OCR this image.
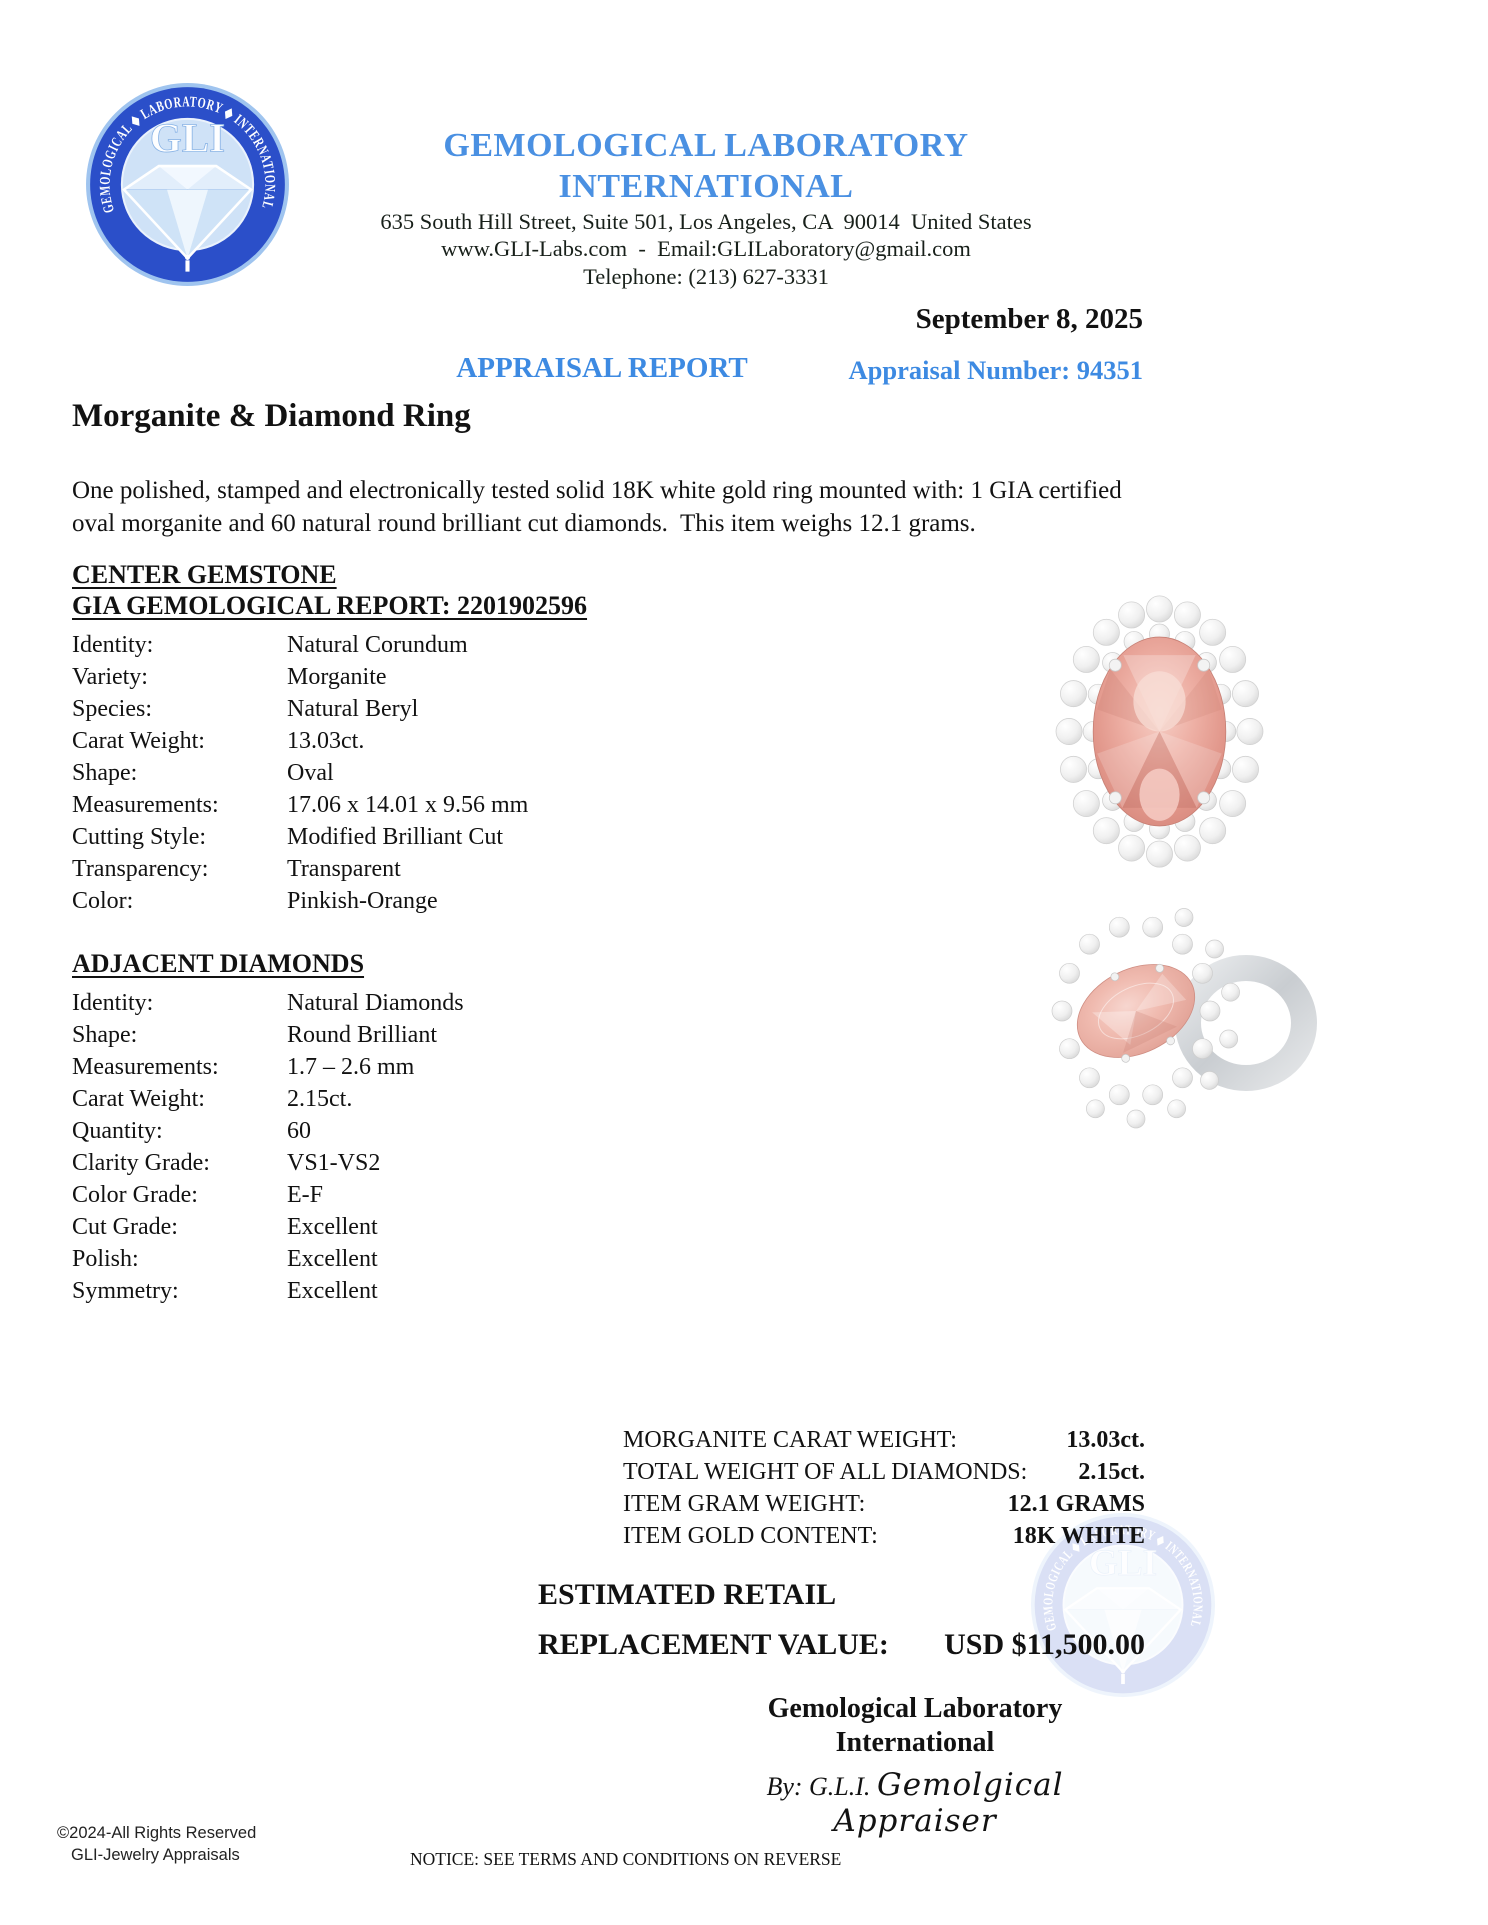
GEMOLOGICAL LABORATORY INTERNATIONAL
635 South Hill Street, Suite 501, Los Angeles, CA  90014  United States
www.GLI-Labs.com  -  Email:GLILaboratory@gmail.com
Telephone: (213) 627-3331
September 8, 2025
APPRAISAL REPORT	Appraisal Number: 94351
Morganite & Diamond Ring
One polished, stamped and electronically tested solid 18K white gold ring mounted with: 1 GIA certified oval morganite and 60 natural round brilliant cut diamonds.  This item weighs 12.1 grams.
CENTER GEMSTONE
GIA GEMOLOGICAL REPORT: 2201902596
Identity:	Natural Corundum
Variety:	Morganite
Species:	Natural Beryl
Carat Weight:	13.03ct.
Shape:	Oval
Measurements:	17.06 x 14.01 x 9.56 mm
Cutting Style:	Modified Brilliant Cut
Transparency:	Transparent
Color:	Pinkish-Orange
ADJACENT DIAMONDS
Identity:	Natural Diamonds
Shape:	Round Brilliant
Measurements:	1.7 – 2.6 mm
Carat Weight:	2.15ct.
Quantity:	60
Clarity Grade:	VS1-VS2
Color Grade:	E-F
Cut Grade:	Excellent
Polish:	Excellent
Symmetry:	Excellent
MORGANITE CARAT WEIGHT:	13.03ct.
TOTAL WEIGHT OF ALL DIAMONDS: 2.15ct.
ITEM GRAM WEIGHT:	12.1 GRAMS
ITEM GOLD CONTENT:	18K WHITE
ESTIMATED RETAIL
REPLACEMENT VALUE: USD $11,500.00
Gemological Laboratory International
By: G.L.I. Gemolgical Appraiser
©2024-All Rights Reserved
GLI-Jewelry Appraisals	NOTICE: SEE TERMS AND CONDITIONS ON REVERSE
